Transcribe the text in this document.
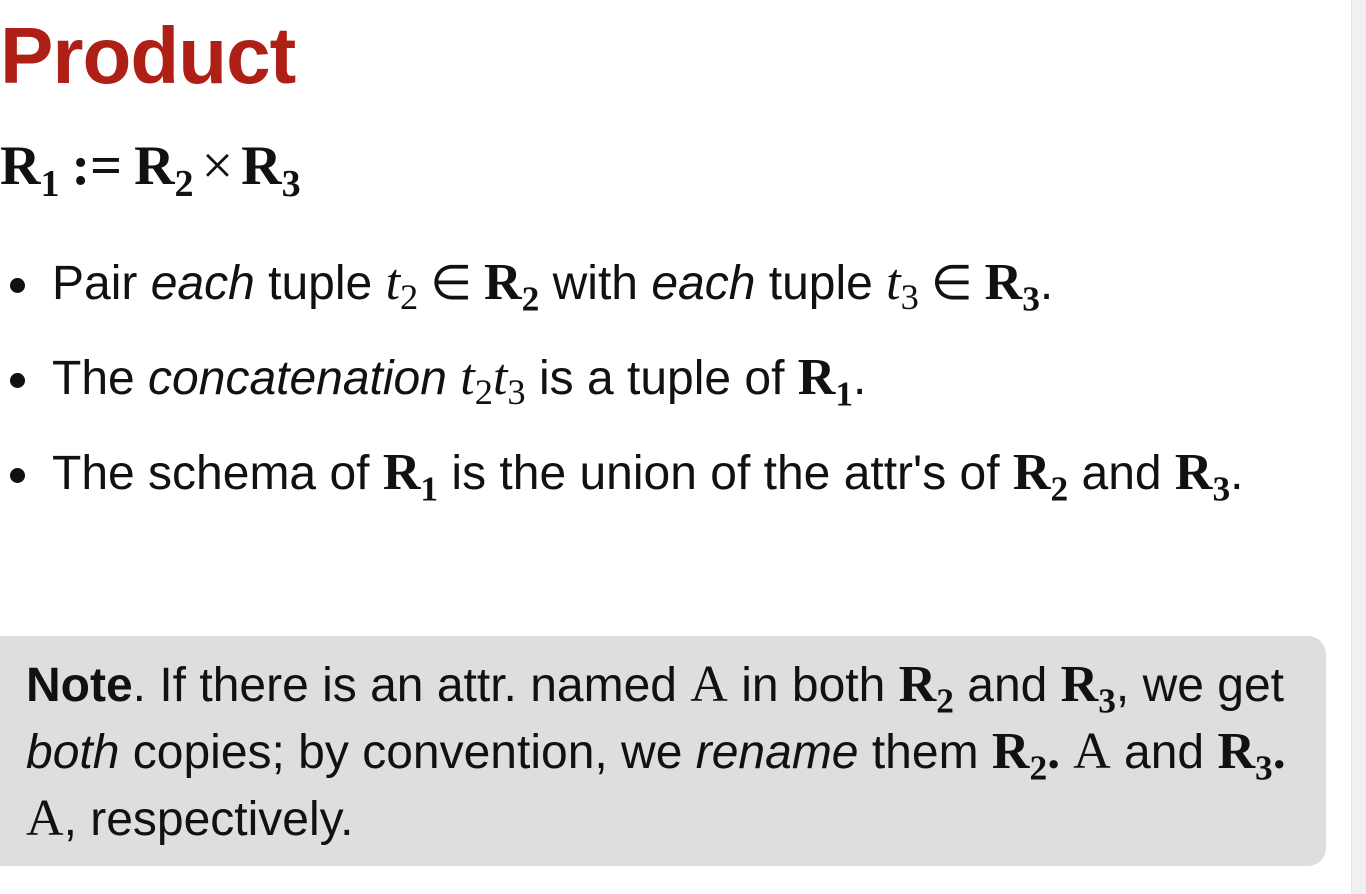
Product
$R_1$ := $R_2 \times R_3$
Pair each tuple $t_2$ ∈ $R_2$ with each tuple $t_3$ ∈ $R_3$.
The concatenation $t_2t_3$ is a tuple of $R_1$.
The schema of $R_1$ is the union of the attr's of $R_2$ and $R_3$.
Note. If there is an attr. named A in both $R_2$ and $R_3$, we get both copies; by convention, we rename them $R_2$. A and $R_3$. A, respectively.
